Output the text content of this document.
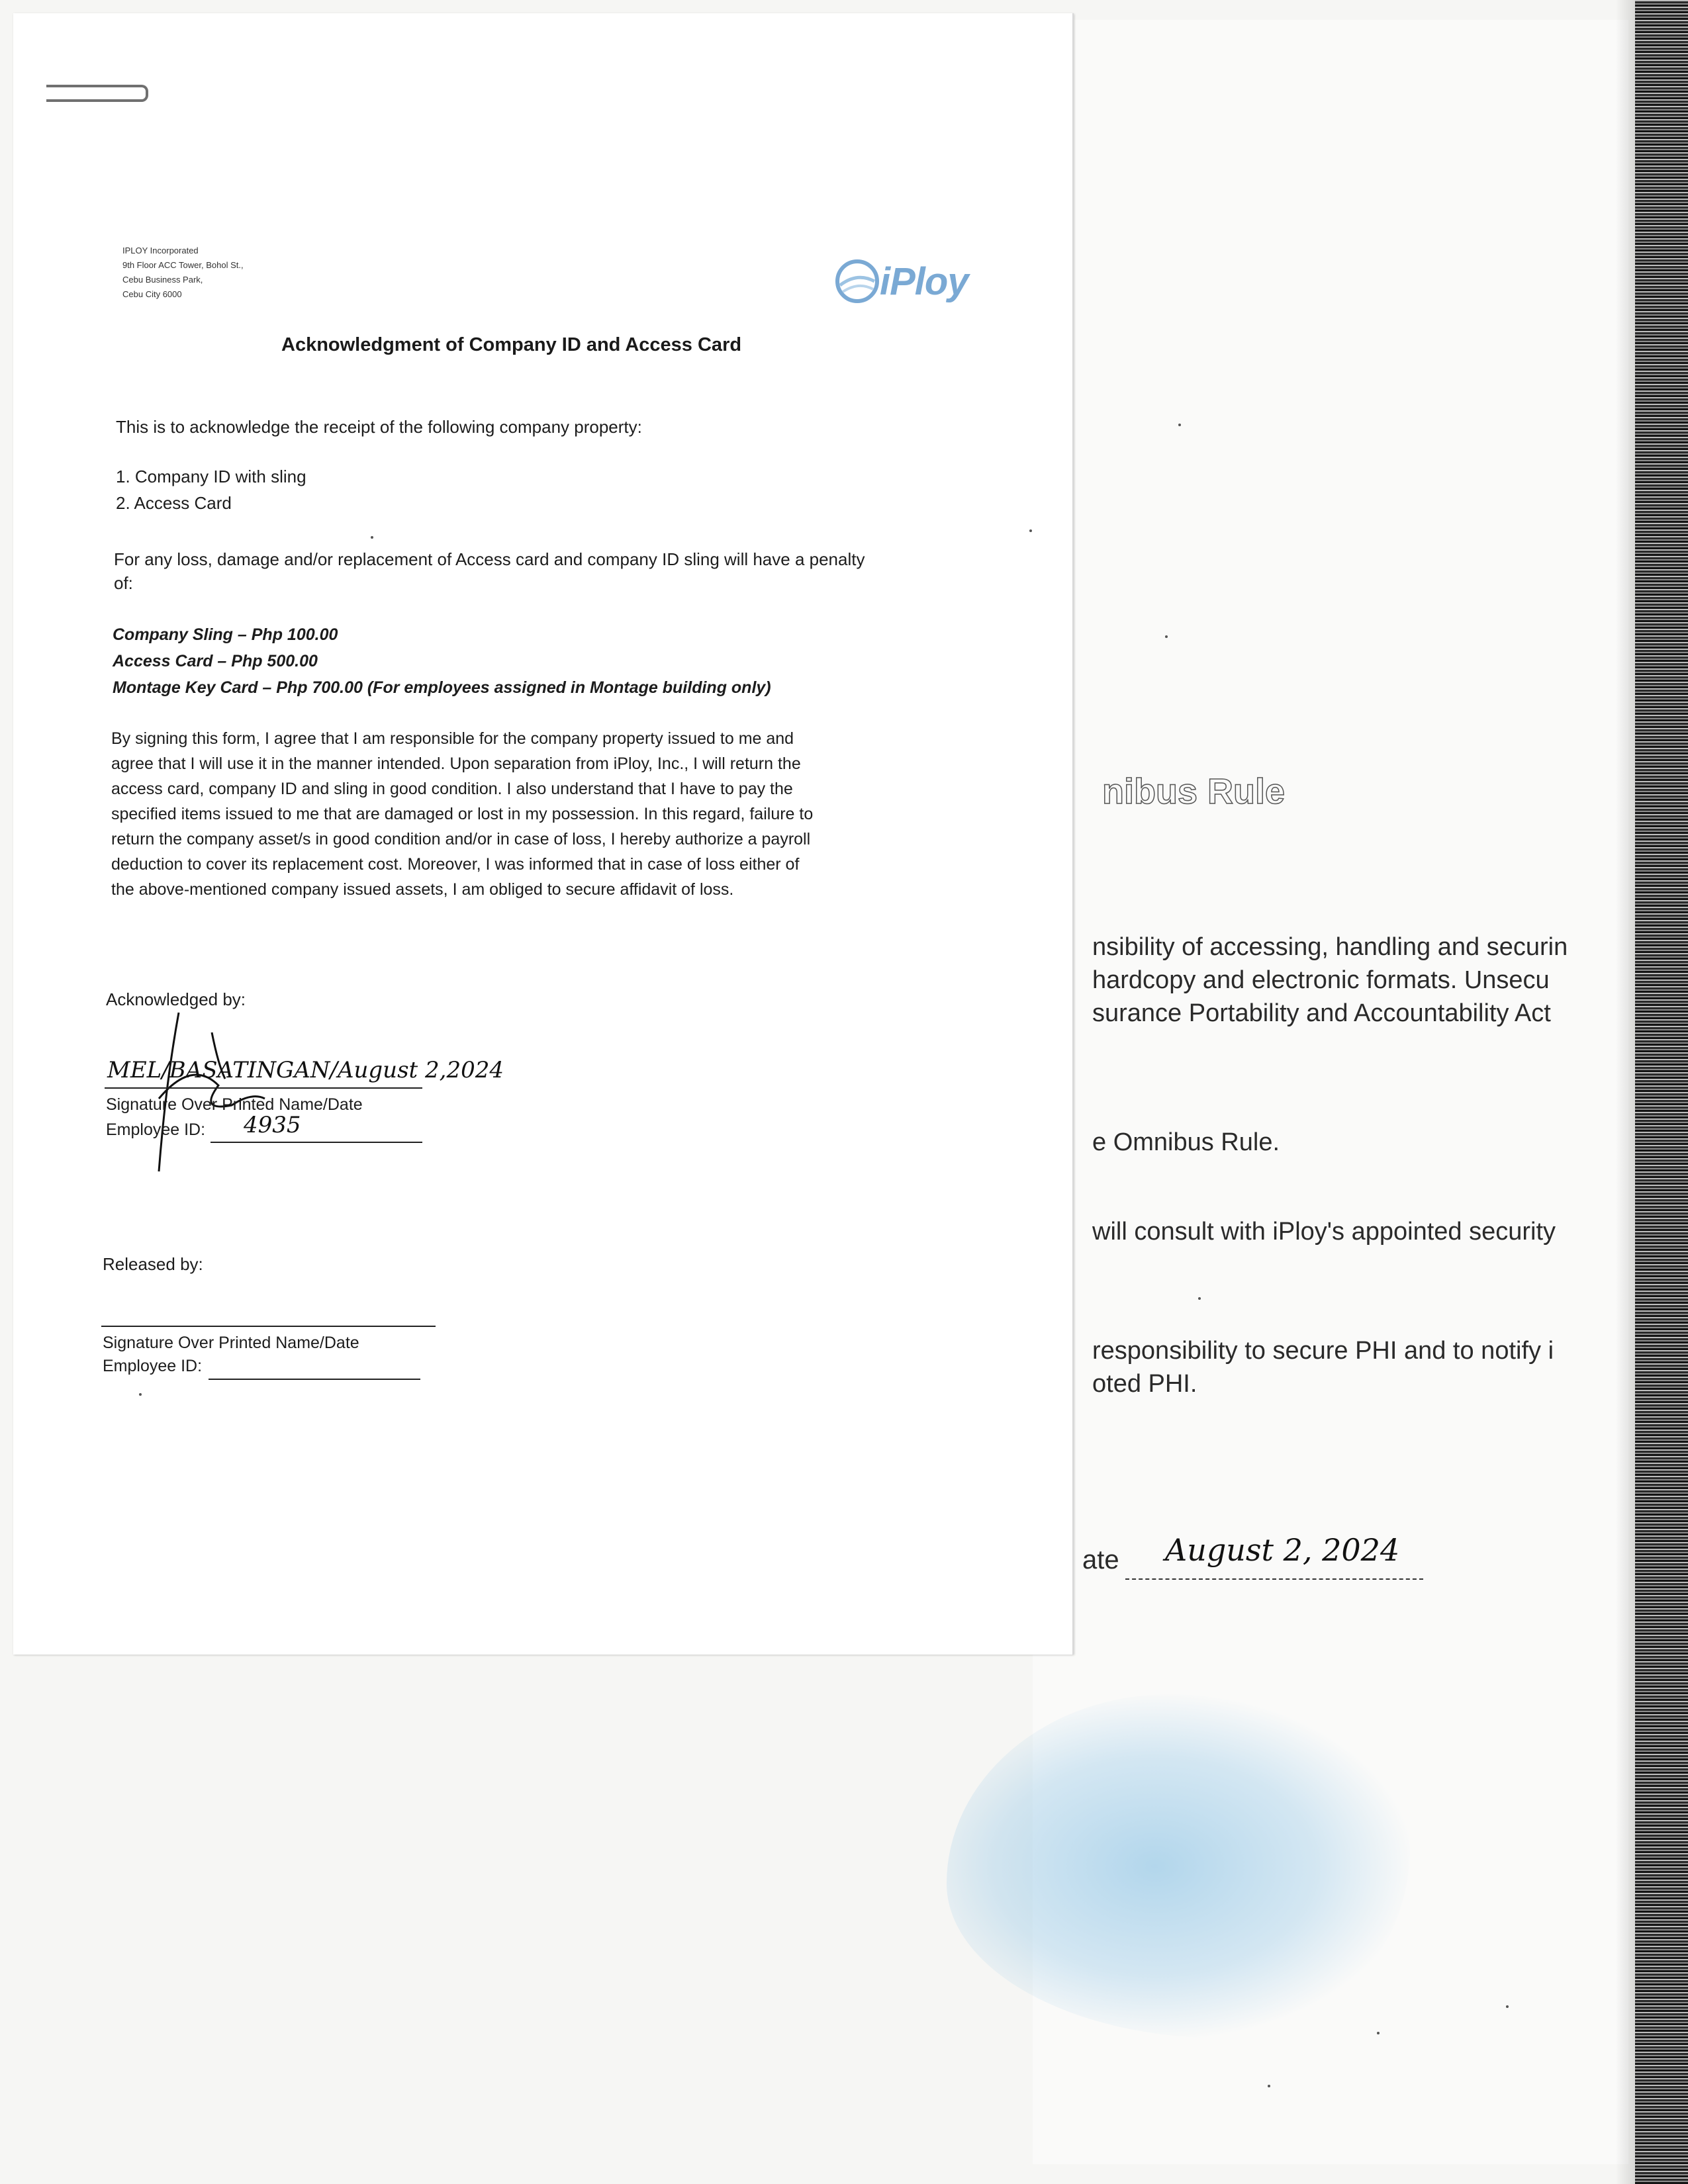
nibus Rule
nsibility of accessing, handling and securin
hardcopy and electronic formats. Unsecu
surance Portability and Accountability Act
e Omnibus Rule.
will consult with iPloy's appointed security
responsibility to secure PHI and to notify i
oted PHI.
ate August 2, 2024
IPLOY Incorporated
9th Floor ACC Tower, Bohol St.,
Cebu Business Park,
Cebu City 6000	iPloy
Acknowledgment of Company ID and Access Card
This is to acknowledge the receipt of the following company property:
1. Company ID with sling
2. Access Card
For any loss, damage and/or replacement of Access card and company ID sling will have a penalty
of:
Company Sling – Php 100.00
Access Card – Php 500.00
Montage Key Card – Php 700.00 (For employees assigned in Montage building only)
By signing this form, I agree that I am responsible for the company property issued to me and
agree that I will use it in the manner intended. Upon separation from iPloy, Inc., I will return the
access card, company ID and sling in good condition. I also understand that I have to pay the
specified items issued to me that are damaged or lost in my possession. In this regard, failure to
return the company asset/s in good condition and/or in case of loss, I hereby authorize a payroll
deduction to cover its replacement cost. Moreover, I was informed that in case of loss either of
the above-mentioned company issued assets, I am obliged to secure affidavit of loss.
Acknowledged by:
MEL/BASATINGAN/August 2,2024
Signature Over Printed Name/Date
Employee ID: 4935
Released by:
Signature Over Printed Name/Date
Employee ID:
